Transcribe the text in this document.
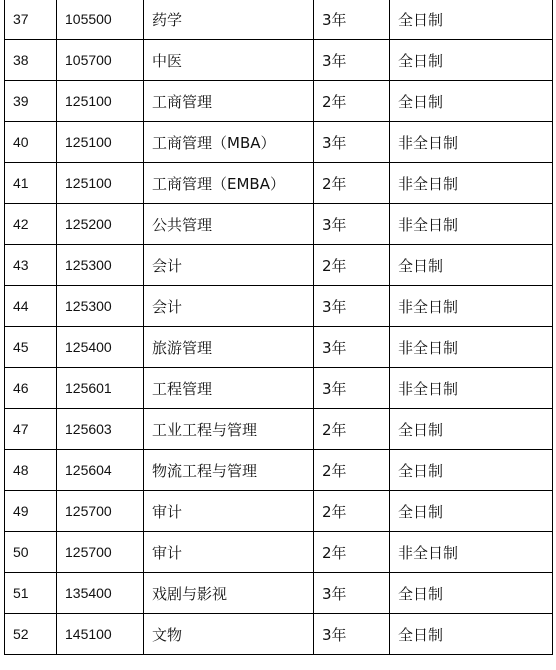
37	105500	药学	3年	全日制
38	105700	中医	3年	全日制
39	125100	工商管理	2年	全日制
40	125100	工商管理（MBA）	3年	非全日制
41	125100	工商管理（EMBA）	2年	非全日制
42	125200	公共管理	3年	非全日制
43	125300	会计	2年	全日制
44	125300	会计	3年	非全日制
45	125400	旅游管理	3年	非全日制
46	125601	工程管理	3年	非全日制
47	125603	工业工程与管理	2年	全日制
48	125604	物流工程与管理	2年	全日制
49	125700	审计	2年	全日制
50	125700	审计	2年	非全日制
51	135400	戏剧与影视	3年	全日制
52	145100	文物	3年	全日制
